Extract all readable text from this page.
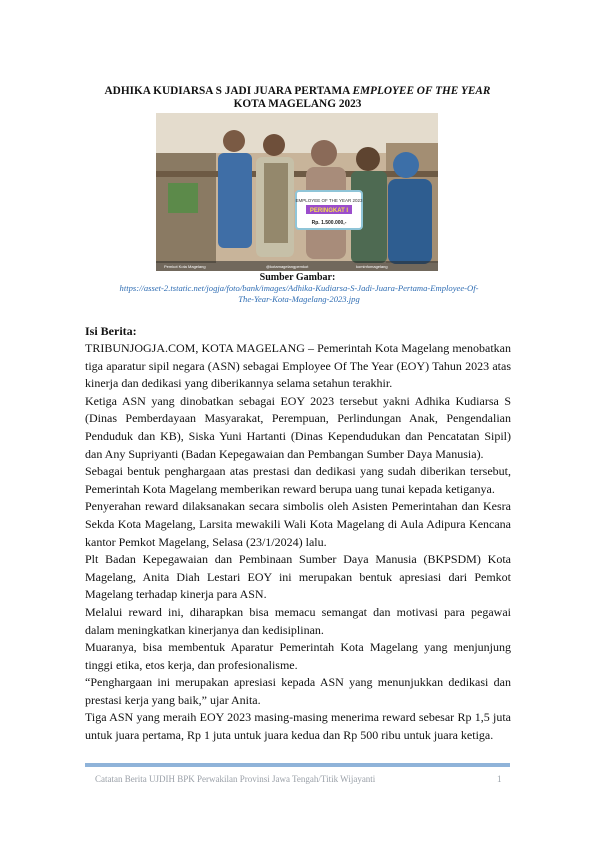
ADHIKA KUDIARSA S JADI JUARA PERTAMA EMPLOYEE OF THE YEAR
KOTA MAGELANG 2023
EMPLOYEE OF THE YEAR 2023
PERINGKAT I
Rp. 1.500.000,-
Pemkot Kota Magelang	@kotamagelangpemkot	kominfomagelang
Sumber Gambar:
https://asset-2.tstatic.net/jogja/foto/bank/images/Adhika-Kudiarsa-S-Jadi-Juara-Pertama-Employee-Of-
The-Year-Kota-Magelang-2023.jpg
Isi Berita:

TRIBUNJOGJA.COM, KOTA MAGELANG – Pemerintah Kota Magelang menobatkan tiga aparatur sipil negara (ASN) sebagai Employee Of The Year (EOY) Tahun 2023 atas kinerja dan dedikasi yang diberikannya selama setahun terakhir.

Ketiga ASN yang dinobatkan sebagai EOY 2023 tersebut yakni Adhika Kudiarsa S (Dinas Pemberdayaan Masyarakat, Perempuan, Perlindungan Anak, Pengendalian Penduduk dan KB), Siska Yuni Hartanti (Dinas Kependudukan dan Pencatatan Sipil) dan Any Supriyanti (Badan Kepegawaian dan Pembangan Sumber Daya Manusia).

Sebagai bentuk penghargaan atas prestasi dan dedikasi yang sudah diberikan tersebut, Pemerintah Kota Magelang memberikan reward berupa uang tunai kepada ketiganya.

Penyerahan reward dilaksanakan secara simbolis oleh Asisten Pemerintahan dan Kesra Sekda Kota Magelang, Larsita mewakili Wali Kota Magelang di Aula Adipura Kencana kantor Pemkot Magelang, Selasa (23/1/2024) lalu.

Plt Badan Kepegawaian dan Pembinaan Sumber Daya Manusia (BKPSDM) Kota Magelang, Anita Diah Lestari EOY ini merupakan bentuk apresiasi dari Pemkot Magelang terhadap kinerja para ASN.

Melalui reward ini, diharapkan bisa memacu semangat dan motivasi para pegawai dalam meningkatkan kinerjanya dan kedisiplinan.

Muaranya, bisa membentuk Aparatur Pemerintah Kota Magelang yang menjunjung tinggi etika, etos kerja, dan profesionalisme.

“Penghargaan ini merupakan apresiasi kepada ASN yang menunjukkan dedikasi dan prestasi kerja yang baik,” ujar Anita.

Tiga ASN yang meraih EOY 2023 masing-masing menerima reward sebesar Rp 1,5 juta untuk juara pertama, Rp 1 juta untuk juara kedua dan Rp 500 ribu untuk juara ketiga.

Catatan Berita UJDIH BPK Perwakilan Provinsi Jawa Tengah/Titik Wijayanti	1
